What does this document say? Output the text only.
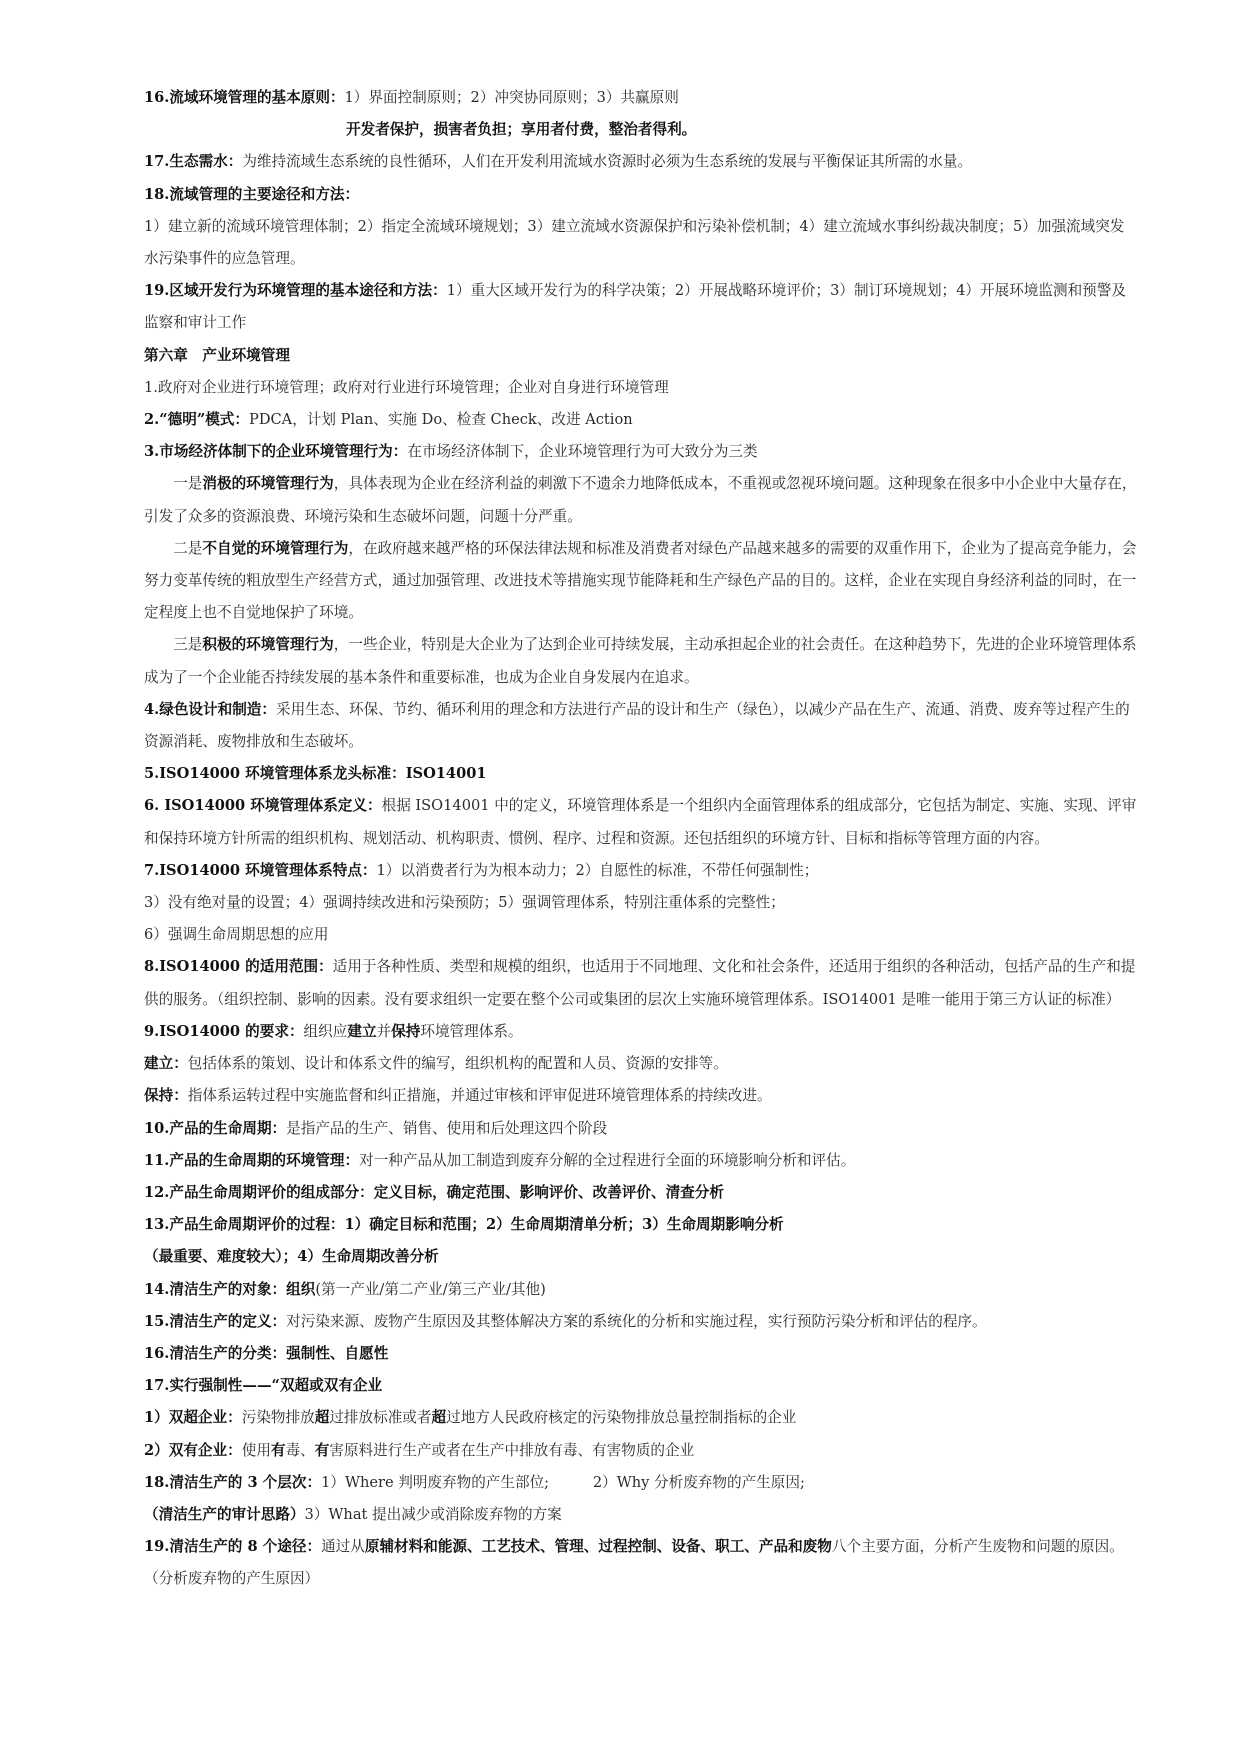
16.流域环境管理的基本原则：1）界面控制原则；2）冲突协同原则；3）共赢原则

开发者保护，损害者负担；享用者付费，整治者得利。

17.生态需水：为维持流域生态系统的良性循环，人们在开发利用流域水资源时必须为生态系统的发展与平衡保证其所需的水量。

18.流域管理的主要途径和方法：

1）建立新的流域环境管理体制；2）指定全流域环境规划；3）建立流域水资源保护和污染补偿机制；4）建立流域水事纠纷裁决制度；5）加强流域突发水污染事件的应急管理。

19.区域开发行为环境管理的基本途径和方法：1）重大区域开发行为的科学决策；2）开展战略环境评价；3）制订环境规划；4）开展环境监测和预警及监察和审计工作

第六章　产业环境管理

1.政府对企业进行环境管理；政府对行业进行环境管理；企业对自身进行环境管理

2.“德明”模式：PDCA，计划 Plan、实施 Do、检查 Check、改进 Action

3.市场经济体制下的企业环境管理行为：在市场经济体制下，企业环境管理行为可大致分为三类

一是消极的环境管理行为，具体表现为企业在经济利益的刺激下不遗余力地降低成本，不重视或忽视环境问题。这种现象在很多中小企业中大量存在，引发了众多的资源浪费、环境污染和生态破坏问题，问题十分严重。

二是不自觉的环境管理行为，在政府越来越严格的环保法律法规和标准及消费者对绿色产品越来越多的需要的双重作用下，企业为了提高竞争能力，会努力变革传统的粗放型生产经营方式，通过加强管理、改进技术等措施实现节能降耗和生产绿色产品的目的。这样，企业在实现自身经济利益的同时，在一定程度上也不自觉地保护了环境。

三是积极的环境管理行为，一些企业，特别是大企业为了达到企业可持续发展，主动承担起企业的社会责任。在这种趋势下，先进的企业环境管理体系成为了一个企业能否持续发展的基本条件和重要标准，也成为企业自身发展内在追求。

4.绿色设计和制造：采用生态、环保、节约、循环利用的理念和方法进行产品的设计和生产（绿色），以减少产品在生产、流通、消费、废弃等过程产生的资源消耗、废物排放和生态破坏。

5.ISO14000 环境管理体系龙头标准：ISO14001

6. ISO14000 环境管理体系定义：根据 ISO14001 中的定义，环境管理体系是一个组织内全面管理体系的组成部分，它包括为制定、实施、实现、评审和保持环境方针所需的组织机构、规划活动、机构职责、惯例、程序、过程和资源。还包括组织的环境方针、目标和指标等管理方面的内容。

7.ISO14000 环境管理体系特点：1）以消费者行为为根本动力；2）自愿性的标准，不带任何强制性；

3）没有绝对量的设置；4）强调持续改进和污染预防；5）强调管理体系，特别注重体系的完整性；

6）强调生命周期思想的应用

8.ISO14000 的适用范围：适用于各种性质、类型和规模的组织，也适用于不同地理、文化和社会条件，还适用于组织的各种活动，包括产品的生产和提供的服务。（组织控制、影响的因素。没有要求组织一定要在整个公司或集团的层次上实施环境管理体系。ISO14001 是唯一能用于第三方认证的标准）

9.ISO14000 的要求：组织应建立并保持环境管理体系。

建立：包括体系的策划、设计和体系文件的编写，组织机构的配置和人员、资源的安排等。

保持：指体系运转过程中实施监督和纠正措施，并通过审核和评审促进环境管理体系的持续改进。

10.产品的生命周期：是指产品的生产、销售、使用和后处理这四个阶段

11.产品的生命周期的环境管理：对一种产品从加工制造到废弃分解的全过程进行全面的环境影响分析和评估。

12.产品生命周期评价的组成部分：定义目标，确定范围、影响评价、改善评价、清查分析

13.产品生命周期评价的过程：1）确定目标和范围；2）生命周期清单分析；3）生命周期影响分析

（最重要、难度较大）；4）生命周期改善分析

14.清洁生产的对象：组织(第一产业/第二产业/第三产业/其他)

15.清洁生产的定义：对污染来源、废物产生原因及其整体解决方案的系统化的分析和实施过程，实行预防污染分析和评估的程序。

16.清洁生产的分类：强制性、自愿性

17.实行强制性——“双超或双有企业

1）双超企业：污染物排放超过排放标准或者超过地方人民政府核定的污染物排放总量控制指标的企业

2）双有企业：使用有毒、有害原料进行生产或者在生产中排放有毒、有害物质的企业

18.清洁生产的 3 个层次：1）Where 判明废弃物的产生部位;　　　2）Why 分析废弃物的产生原因;

（清洁生产的审计思路）3）What 提出减少或消除废弃物的方案

19.清洁生产的 8 个途径：通过从原辅材料和能源、工艺技术、管理、过程控制、设备、职工、产品和废物八个主要方面，分析产生废物和问题的原因。（分析废弃物的产生原因）
